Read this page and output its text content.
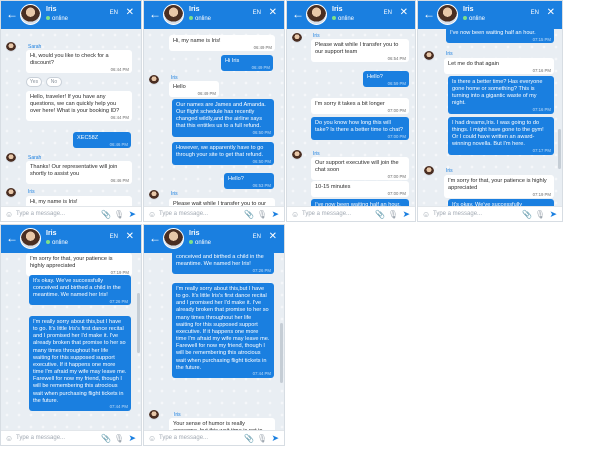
←	Iris
online
EN ✕
Sarah
Hi, would you like to check for a discount?
06:44 PM
Yes	No
Hello, traveler! If you have any questions, we can quickly help you over here! What is your booking ID?
06:44 PM
XEC58Z
06:46 PM
Sarah
Thanks! Our representative will join shortly to assist you
06:46 PM
Iris
Hi, my name is Iris!
☺ Type a message...	📎 🎙 ➤
←	Iris
online
EN ✕
Hi, my name is Iris!
06:49 PM
Hi Iris
06:49 PM
Iris
Hello
06:49 PM
Our names are James and Amanda. Our flight schedule has recently changed wildly,and the airline says that this entitles us to a full refund.
06:50 PM
However, we apparently have to go through your site to get that refund.
06:50 PM
Hello?
06:53 PM
Iris
Please wait while I transfer you to our
☺ Type a message...	📎 🎙 ➤
←	Iris
online
EN ✕
Iris
Please wait while I transfer you to our support team
06:54 PM
Hello?
06:59 PM
I'm sorry it takes a bit longer
07:00 PM
Do you know how long this will take? Is there a better time to chat?
07:00 PM
Iris
Our support executive will join the chat soon
07:00 PM
10-15 minutes
07:00 PM
I've now been waiting half an hour.
☺ Type a message...	📎 🎙 ➤
←	Iris
online
EN ✕
I've now been waiting half an hour.
07:15 PM
Iris
Let me do that again
07:16 PM
Is there a better time? Has everyone gone home or something? This is turning into a gigantic waste of my night.
07:16 PM
I had dreams,Iris. I was going to do things. I might have gone to the gym! Or I could have written an award-winning novella. But I'm here.
07:17 PM
Iris
I'm sorry for that, your patience is highly appreciated
07:19 PM
It's okay. We've successfully
☺ Type a message...	📎 🎙 ➤
←	Iris
online
EN ✕
I'm sorry for that, your patience is highly appreciated
07:19 PM
It's okay. We've successfully conceived and birthed a child in the meantime. We named her Iris!
07:26 PM
I'm really sorry about this,but I have to go. It's little Iris's first dance recital and I promised her I'd make it. I've already broken that promise to her so many times throughout her life waiting for this supposed support executive. If it happens one more time I'm afraid my wife may leave me. Farewell for now my friend, though I will be remembering this atrocious wait when purchasing flight tickets in the future.
07:44 PM
☺ Type a message...	📎 🎙 ➤
←	Iris
online
EN ✕
conceived and birthed a child in the meantime. We named her Iris!
07:26 PM
I'm really sorry about this,but I have to go. It's little Iris's first dance recital and I promised her I'd make it. I've already broken that promise to her so many times throughout her life waiting for this supposed support executive. If it happens one more time I'm afraid my wife may leave me. Farewell for now my friend, though I will be remembering this atrocious wait when purchasing flight tickets in the future.
07:44 PM
Iris
Your sense of humor is really
☺ Type a message...	📎 🎙 ➤
